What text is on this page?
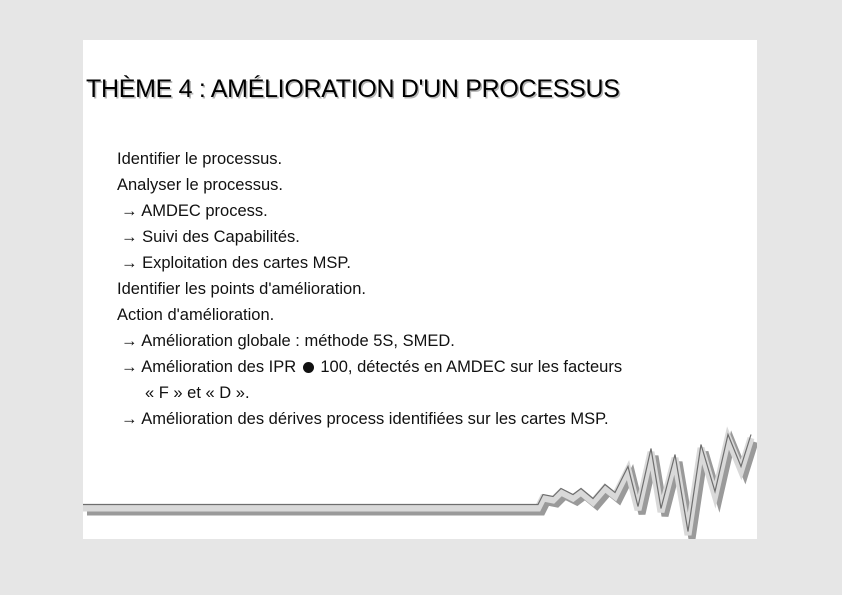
THÈME 4 : AMÉLIORATION D'UN PROCESSUS
Identifier le processus.
Analyser le processus.
→ AMDEC process.
→ Suivi des Capabilités.
→ Exploitation des cartes MSP.
Identifier les points d'amélioration.
Action d'amélioration.
→ Amélioration globale : méthode 5S, SMED.
→ Amélioration des IPR 100, détectés en AMDEC sur les facteurs
« F » et « D ».
→ Amélioration des dérives process identifiées sur les cartes MSP.
